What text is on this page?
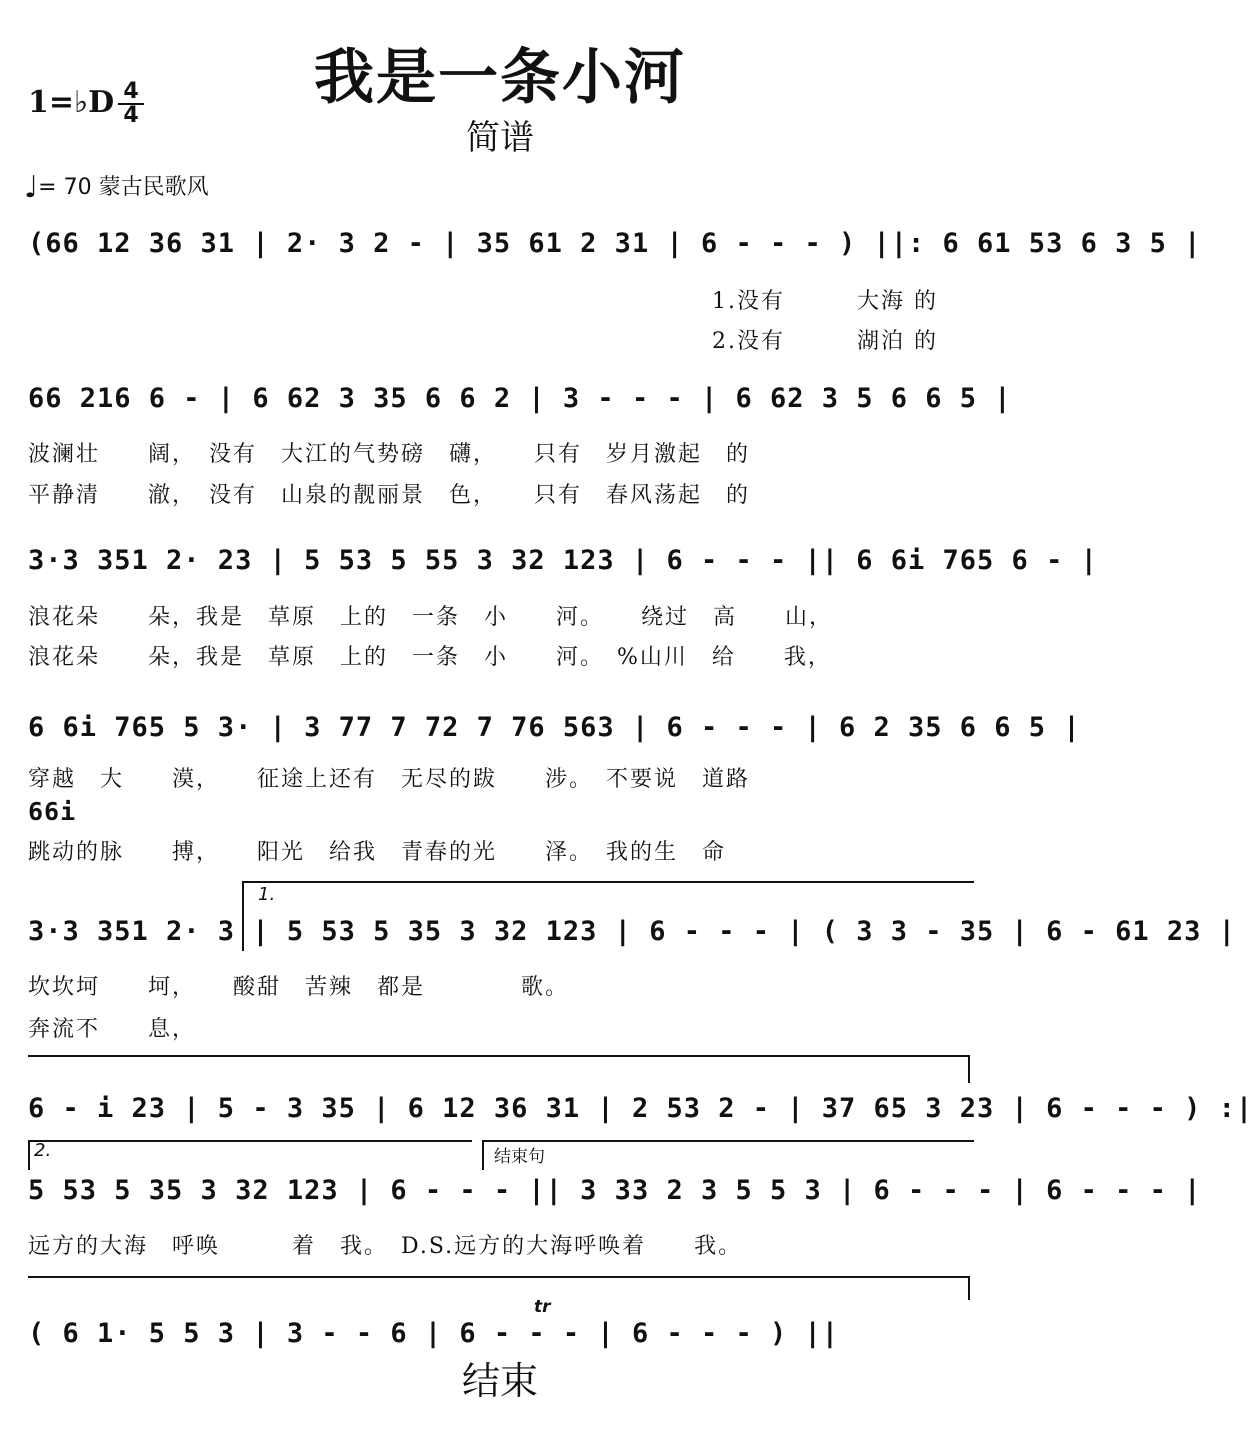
我是一条小河
简谱
1=♭D 4
4
♩= 70 蒙古民歌风
(66 12 36 31 | 2· 3 2 - | 35 61 2 31 | 6 - - - ) ||: 6 61 53 6 3 5 |
1.没有　　　大海 的
2.没有　　　湖泊 的
66 216 6 - | 6 62 3 35 6 6 2 | 3 - - - | 6 62 3 5 6 6 5 |
波澜壮　　阔，　没有　大江的气势磅　礴，　　只有　岁月激起　的
平静清　　澈，　没有　山泉的靓丽景　色，　　只有　春风荡起　的
3·3 351 2· 23 | 5 53 5 55 3 32 123 | 6 - - - || 6 6i 765 6 - |
浪花朵　　朵，我是　草原　上的　一条　小　　河。　　绕过　高　　山，
浪花朵　　朵，我是　草原　上的　一条　小　　河。　%山川　给　　我，
6 6i 765 5 3· | 3 77 7 72 7 76 563 | 6 - - - | 6 2 35 6 6 5 |
穿越　大　　漠，　　征途上还有　无尽的跋　　涉。　不要说　道路
66i
跳动的脉　　搏，　　阳光　给我　青春的光　　泽。　我的生　命
1.
3·3 351 2· 3 | 5 53 5 35 3 32 123 | 6 - - - | ( 3 3 - 35 | 6 - 61 23 |
坎坎坷　　坷，　　酸甜　苦辣　都是　　　　歌。
奔流不　　息，
6 - i 23 | 5 - 3 35 | 6 12 36 31 | 2 53 2 - | 37 65 3 23 | 6 - - - ) :|
2.	结束句
5 53 5 35 3 32 123 | 6 - - - || 3 33 2 3 5 5 3 | 6 - - - | 6 - - - |
远方的大海　呼唤　　　着　我。　D.S.远方的大海呼唤着　　我。
tr
( 6 1· 5 5 3 | 3 - - 6 | 6 - - - | 6 - - - ) ||
结束
